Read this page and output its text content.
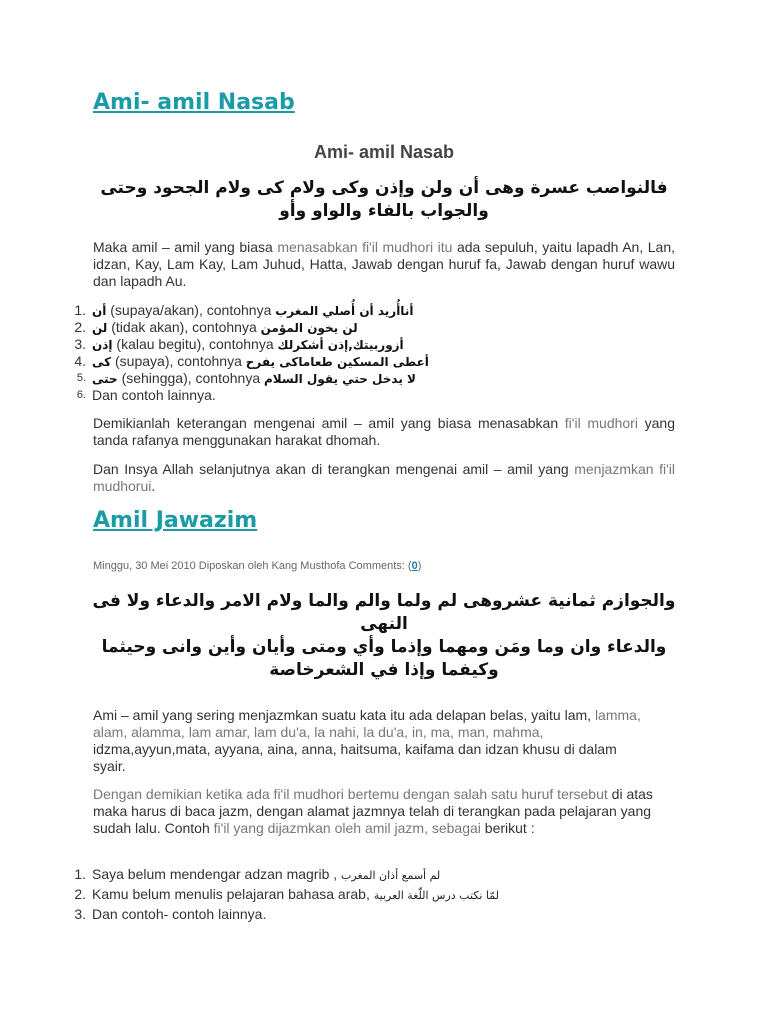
Ami- amil Nasab
Ami- amil Nasab
فالنواصب عسرة وهى أن ولن وإذن وكى ولام كى ولام الجحود وحتى
والجواب بالفاء والواو وأو
Maka amil – amil yang biasa menasabkan fi'il mudhori itu ada sepuluh, yaitu lapadh An, Lan, idzan, Kay, Lam Kay, Lam Juhud, Hatta, Jawab dengan huruf fa, Jawab dengan huruf wawu dan lapadh Au.
1. أن (supaya/akan), contohnya أناأُريد أن أُصلي المغرب
2. لن (tidak akan), contohnya لن يخون المؤمن
3. إذن (kalau begitu), contohnya أزوربيتك,إذن أشكرلك
4. كى (supaya), contohnya أعطى المسكين طعاماكى يفرح
5. حتى (sehingga), contohnya لا يدخل حتي يقول السلام
6. Dan contoh lainnya.
Demikianlah keterangan mengenai amil – amil yang biasa menasabkan fi'il mudhori yang tanda rafanya menggunakan harakat dhomah.
Dan Insya Allah selanjutnya akan di terangkan mengenai amil – amil yang menjazmkan fi'il mudhorui.
Amil Jawazim
Minggu, 30 Mei 2010 Diposkan oleh Kang Musthofa Comments: (0)
والجوازم ثمانية عشروهى لم ولما والم والما ولام الامر والدعاء ولا فى النهى
والدعاء وان وما ومَن ومهما وإذما وأي ومتى وأيان وأين وانى وحيثما
وكيفما وإذا في الشعرخاصة
Ami – amil yang sering menjazmkan suatu kata itu ada delapan belas, yaitu lam, lamma, alam, alamma, lam amar, lam du'a, la nahi, la du'a, in, ma, man, mahma, idzma,ayyun,mata, ayyana, aina, anna, haitsuma, kaifama dan idzan khusu di dalam syair.
Dengan demikian ketika ada fi'il mudhori bertemu dengan salah satu huruf tersebut di atas maka harus di baca jazm, dengan alamat jazmnya telah di terangkan pada pelajaran yang sudah lalu. Contoh fi'il yang dijazmkan oleh amil jazm, sebagai berikut :
1. Saya belum mendengar adzan magrib , لم أسمع أذان المغرب
2. Kamu belum menulis pelajaran bahasa arab, لمّا نكتب درس اللّغة العربية
3. Dan contoh- contoh lainnya.
